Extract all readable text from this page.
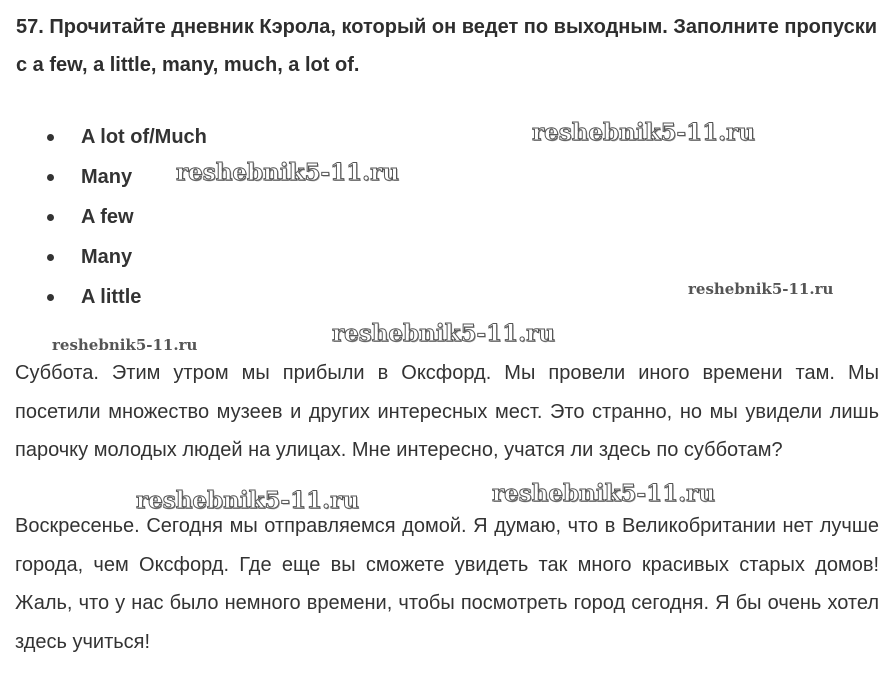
57. Прочитайте дневник Кэрола, который он ведет по выходным. Заполните пропуски с a few, a little, many, much, a lot of.

A lot of/Much
Many
A few
Many
A little

Суббота. Этим утром мы прибыли в Оксфорд. Мы провели иного времени там. Мы посетили множество музеев и других интересных мест. Это странно, но мы увидели лишь парочку молодых людей на улицах. Мне интересно, учатся ли здесь по субботам?

Воскресенье. Сегодня мы отправляемся домой. Я думаю, что в Великобритании нет лучше города, чем Оксфорд. Где еще вы сможете увидеть так много красивых старых домов! Жаль, что у нас было немного времени, чтобы посмотреть город сегодня. Я бы очень хотел здесь учиться!

reshebnik5-11.ru
reshebnik5-11.ru
reshebnik5-11.ru
reshebnik5-11.ru	reshebnik5-11.ru
reshebnik5-11.ru	reshebnik5-11.ru
